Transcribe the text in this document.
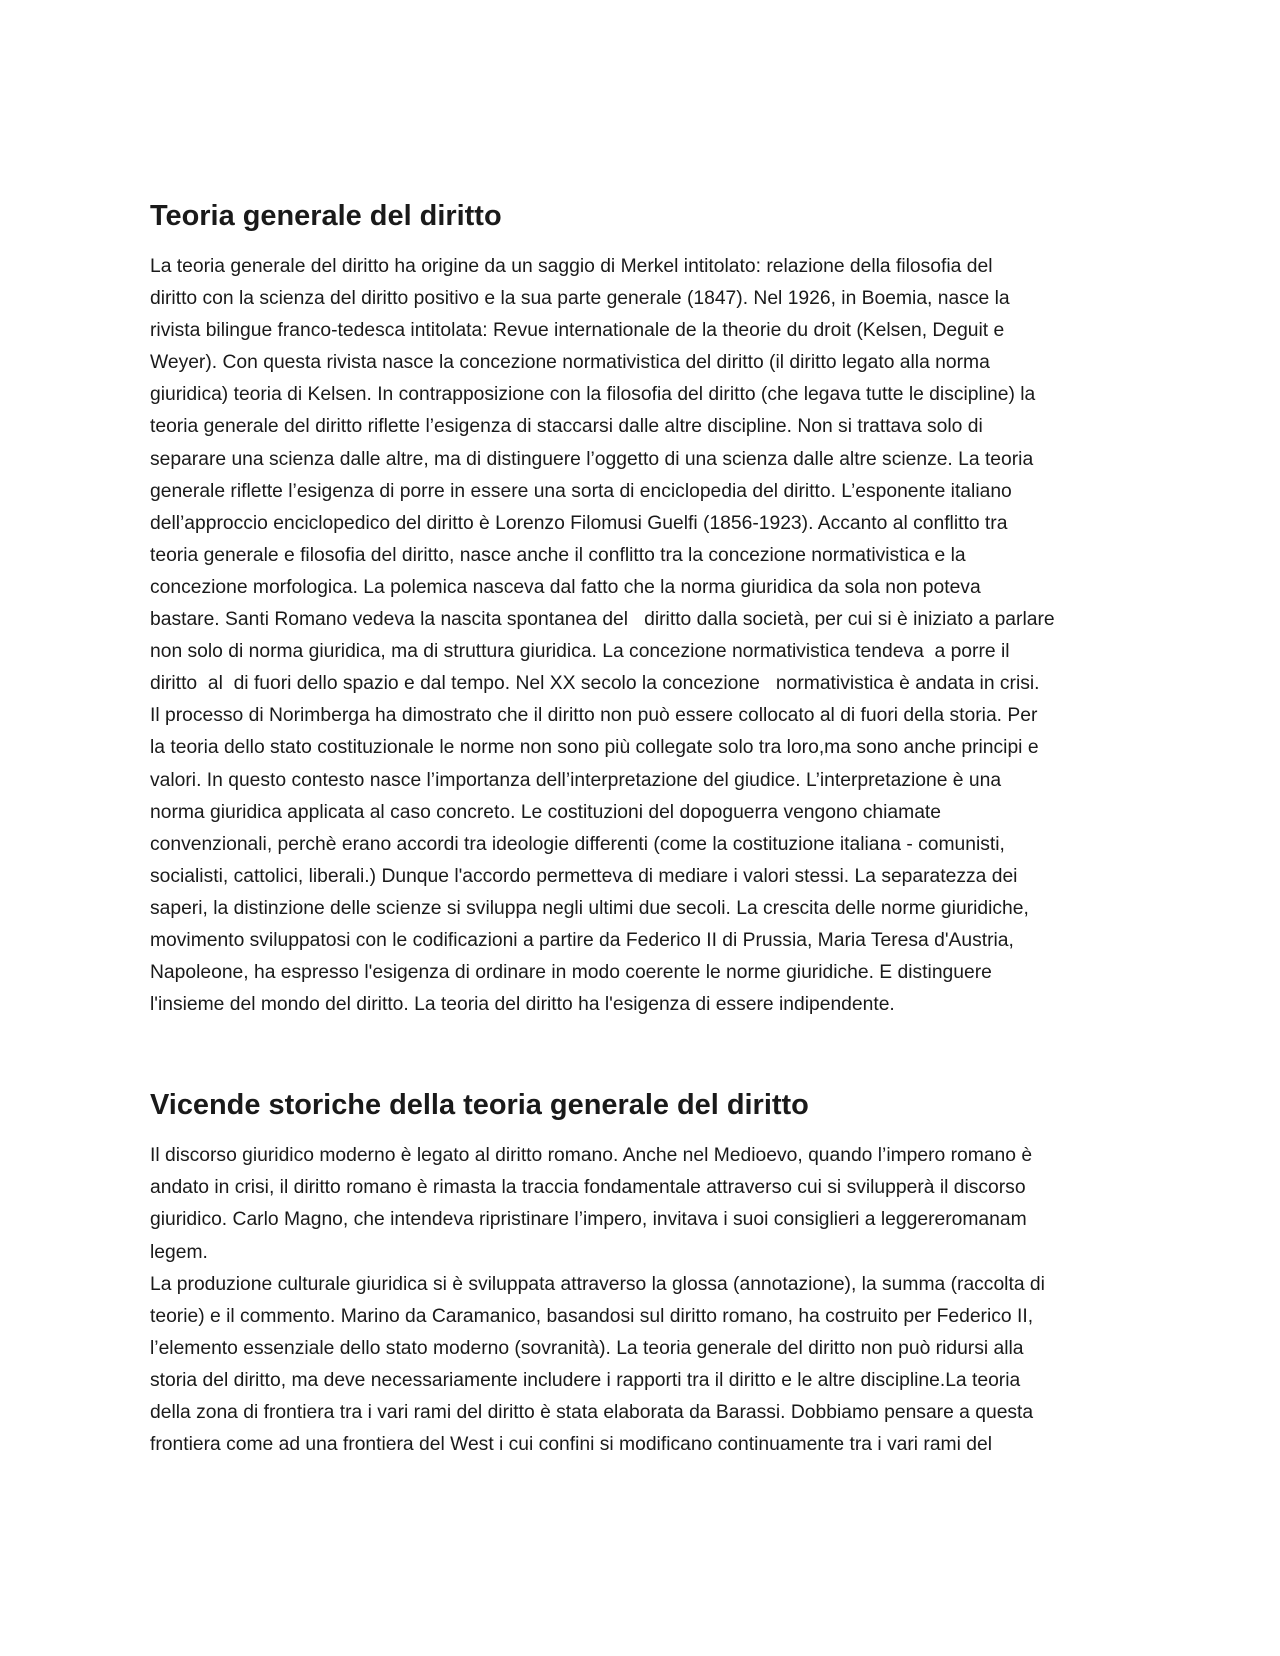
Teoria generale del diritto
La teoria generale del diritto ha origine da un saggio di Merkel intitolato: relazione della filosofia del
diritto con la scienza del diritto positivo e la sua parte generale (1847). Nel 1926, in Boemia, nasce la
rivista bilingue franco-tedesca intitolata: Revue internationale de la theorie du droit (Kelsen, Deguit e
Weyer). Con questa rivista nasce la concezione normativistica del diritto (il diritto legato alla norma
giuridica) teoria di Kelsen. In contrapposizione con la filosofia del diritto (che legava tutte le discipline) la
teoria generale del diritto riflette l’esigenza di staccarsi dalle altre discipline. Non si trattava solo di
separare una scienza dalle altre, ma di distinguere l’oggetto di una scienza dalle altre scienze. La teoria
generale riflette l’esigenza di porre in essere una sorta di enciclopedia del diritto. L’esponente italiano
dell’approccio enciclopedico del diritto è Lorenzo Filomusi Guelfi (1856-1923). Accanto al conflitto tra
teoria generale e filosofia del diritto, nasce anche il conflitto tra la concezione normativistica e la
concezione morfologica. La polemica nasceva dal fatto che la norma giuridica da sola non poteva
bastare. Santi Romano vedeva la nascita spontanea del   diritto dalla società, per cui si è iniziato a parlare
non solo di norma giuridica, ma di struttura giuridica. La concezione normativistica tendeva  a porre il
diritto  al  di fuori dello spazio e dal tempo. Nel XX secolo la concezione   normativistica è andata in crisi.
Il processo di Norimberga ha dimostrato che il diritto non può essere collocato al di fuori della storia. Per
la teoria dello stato costituzionale le norme non sono più collegate solo tra loro,ma sono anche principi e
valori. In questo contesto nasce l’importanza dell’interpretazione del giudice. L’interpretazione è una
norma giuridica applicata al caso concreto. Le costituzioni del dopoguerra vengono chiamate
convenzionali, perchè erano accordi tra ideologie differenti (come la costituzione italiana - comunisti,
socialisti, cattolici, liberali.) Dunque l'accordo permetteva di mediare i valori stessi. La separatezza dei
saperi, la distinzione delle scienze si sviluppa negli ultimi due secoli. La crescita delle norme giuridiche,
movimento sviluppatosi con le codificazioni a partire da Federico II di Prussia, Maria Teresa d'Austria,
Napoleone, ha espresso l'esigenza di ordinare in modo coerente le norme giuridiche. E distinguere
l'insieme del mondo del diritto. La teoria del diritto ha l'esigenza di essere indipendente.
Vicende storiche della teoria generale del diritto
Il discorso giuridico moderno è legato al diritto romano. Anche nel Medioevo, quando l’impero romano è
andato in crisi, il diritto romano è rimasta la traccia fondamentale attraverso cui si svilupperà il discorso
giuridico. Carlo Magno, che intendeva ripristinare l’impero, invitava i suoi consiglieri a leggereromanam
legem.
La produzione culturale giuridica si è sviluppata attraverso la glossa (annotazione), la summa (raccolta di
teorie) e il commento. Marino da Caramanico, basandosi sul diritto romano, ha costruito per Federico II,
l’elemento essenziale dello stato moderno (sovranità). La teoria generale del diritto non può ridursi alla
storia del diritto, ma deve necessariamente includere i rapporti tra il diritto e le altre discipline.La teoria
della zona di frontiera tra i vari rami del diritto è stata elaborata da Barassi. Dobbiamo pensare a questa
frontiera come ad una frontiera del West i cui confini si modificano continuamente tra i vari rami del
